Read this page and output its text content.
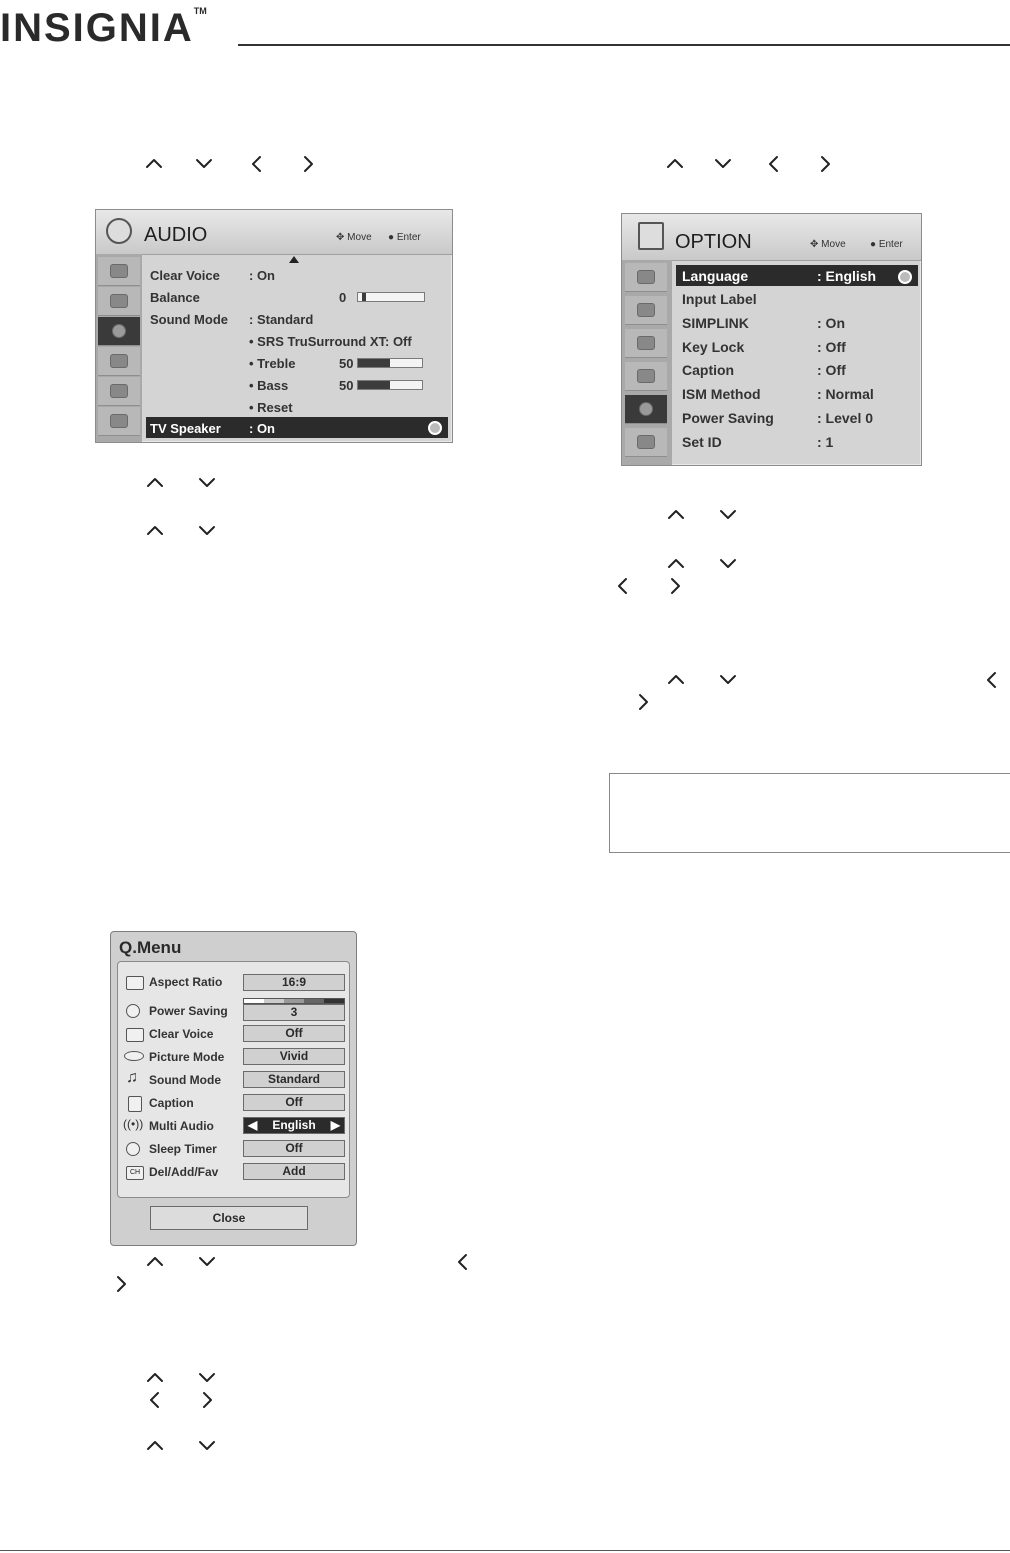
INSIGNIA™
AUDIO	✥ Move ● Enter
Clear Voice : On
Balance	0
Sound Mode : Standard
• SRS TruSurround XT: Off
• Treble	50
• Bass	50
• Reset
TV Speaker : On
OPTION	✥ Move ● Enter
Language	: English
Input Label
SIMPLINK	: On
Key Lock	: Off
Caption	: Off
ISM Method	: Normal
Power Saving	: Level 0
Set ID	: 1
Q.Menu
Aspect Ratio	16:9
Power Saving	3
Clear Voice	Off
Picture Mode	Vivid
♫ Sound Mode	Standard
Caption	Off
((•)) Multi Audio	◀ English ▶
Sleep Timer	Off
CH Del/Add/Fav	Add
Close
